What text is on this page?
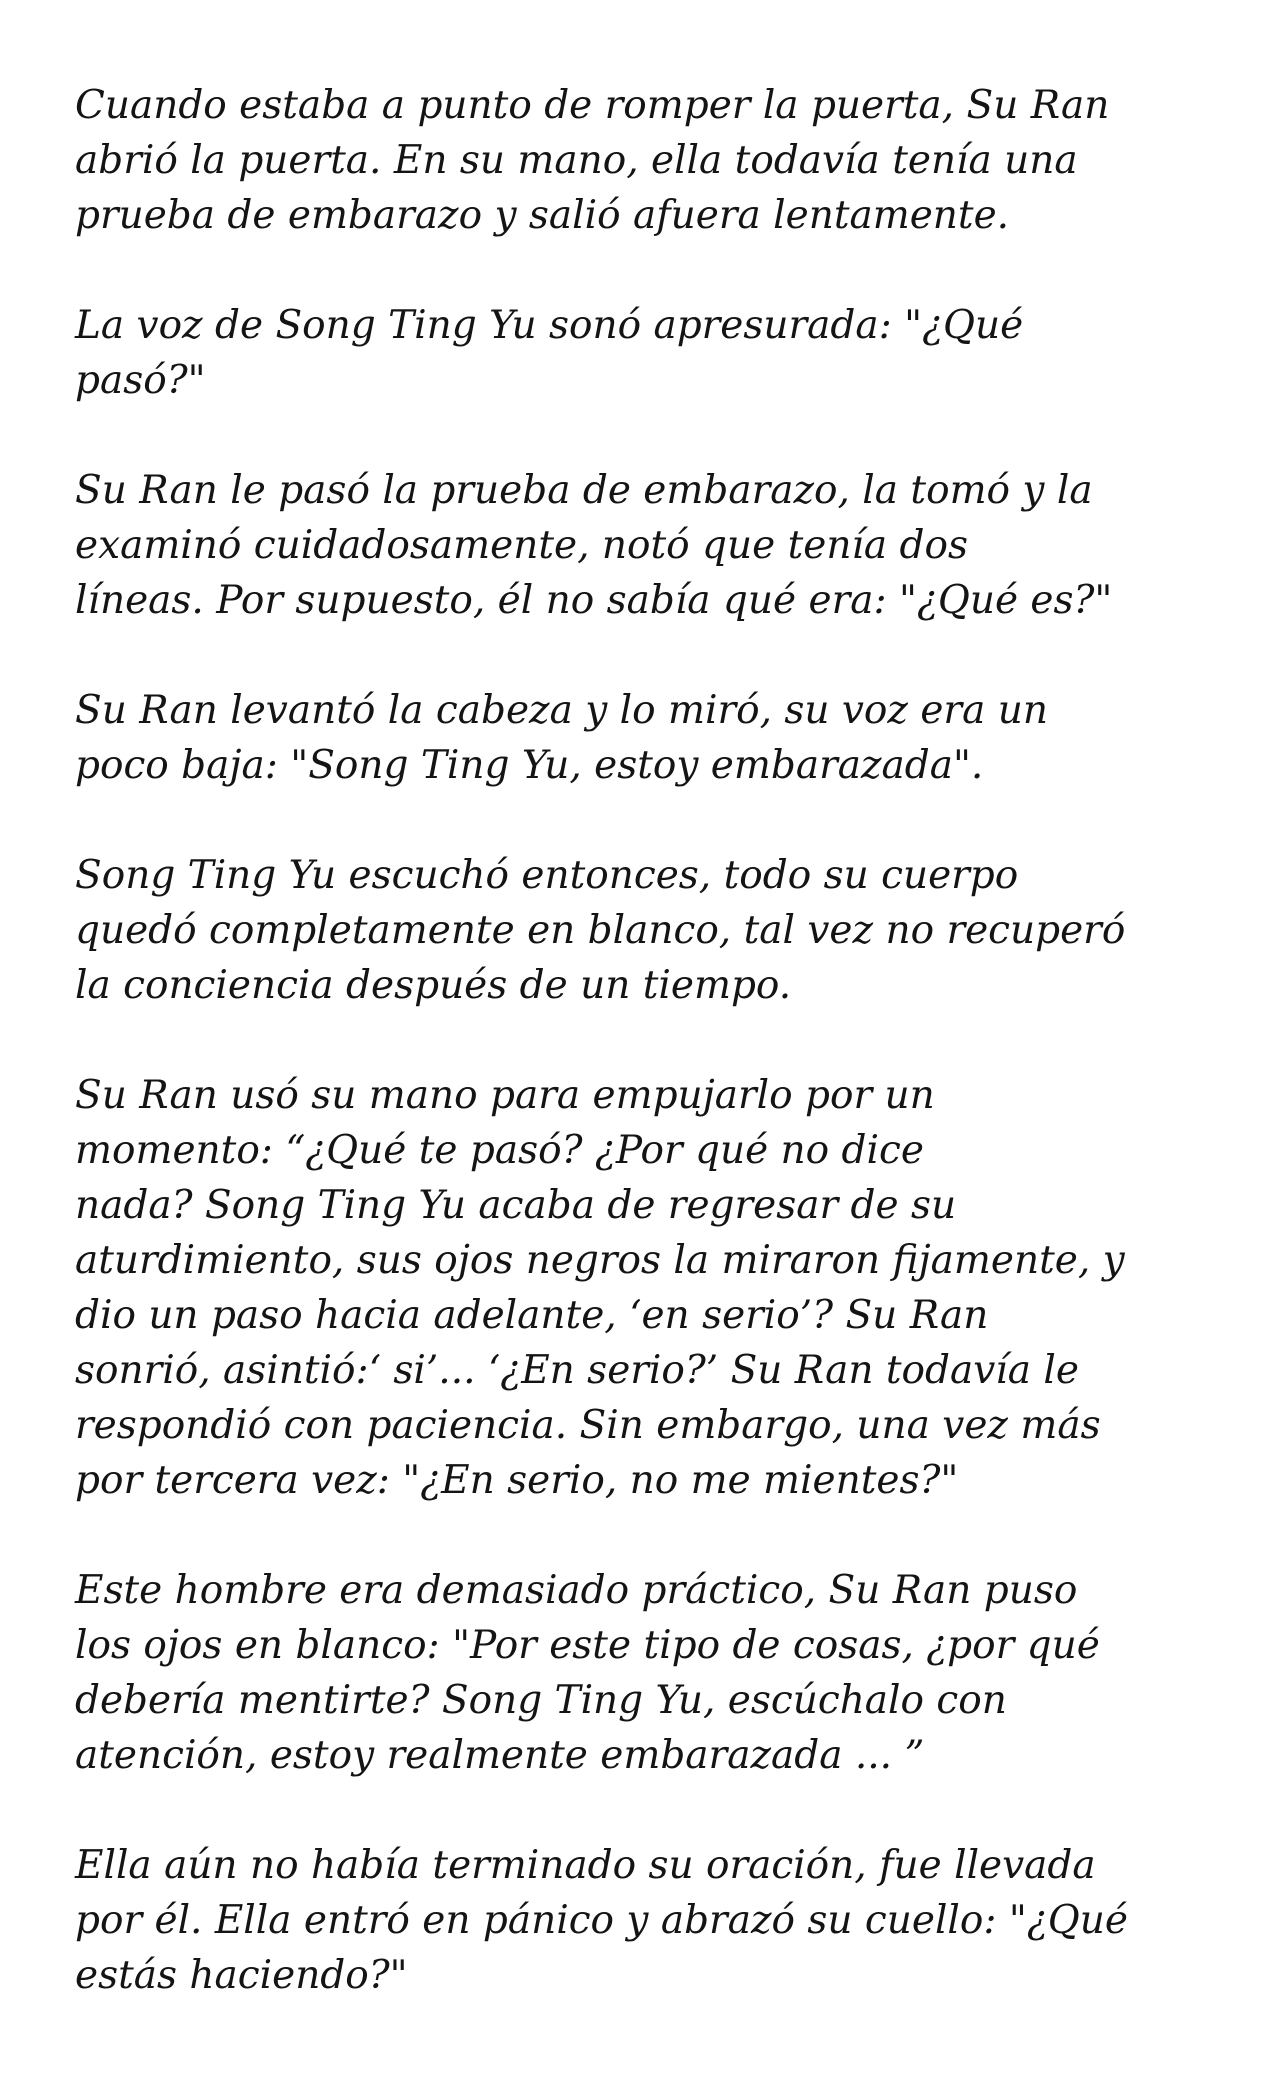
Cuando estaba a punto de romper la puerta, Su Ran
abrió la puerta. En su mano, ella todavía tenía una
prueba de embarazo y salió afuera lentamente.
La voz de Song Ting Yu sonó apresurada: "¿Qué
pasó?"
Su Ran le pasó la prueba de embarazo, la tomó y la
examinó cuidadosamente, notó que tenía dos
líneas. Por supuesto, él no sabía qué era: "¿Qué es?"
Su Ran levantó la cabeza y lo miró, su voz era un
poco baja: "Song Ting Yu, estoy embarazada".
Song Ting Yu escuchó entonces, todo su cuerpo
quedó completamente en blanco, tal vez no recuperó
la conciencia después de un tiempo.
Su Ran usó su mano para empujarlo por un
momento: “¿Qué te pasó? ¿Por qué no dice
nada? Song Ting Yu acaba de regresar de su
aturdimiento, sus ojos negros la miraron fijamente, y
dio un paso hacia adelante, ‘en serio’? Su Ran
sonrió, asintió:‘ si’... ‘¿En serio?’ Su Ran todavía le
respondió con paciencia. Sin embargo, una vez más
por tercera vez: "¿En serio, no me mientes?"
Este hombre era demasiado práctico, Su Ran puso
los ojos en blanco: "Por este tipo de cosas, ¿por qué
debería mentirte? Song Ting Yu, escúchalo con
atención, estoy realmente embarazada ... ”
Ella aún no había terminado su oración, fue llevada
por él. Ella entró en pánico y abrazó su cuello: "¿Qué
estás haciendo?"
